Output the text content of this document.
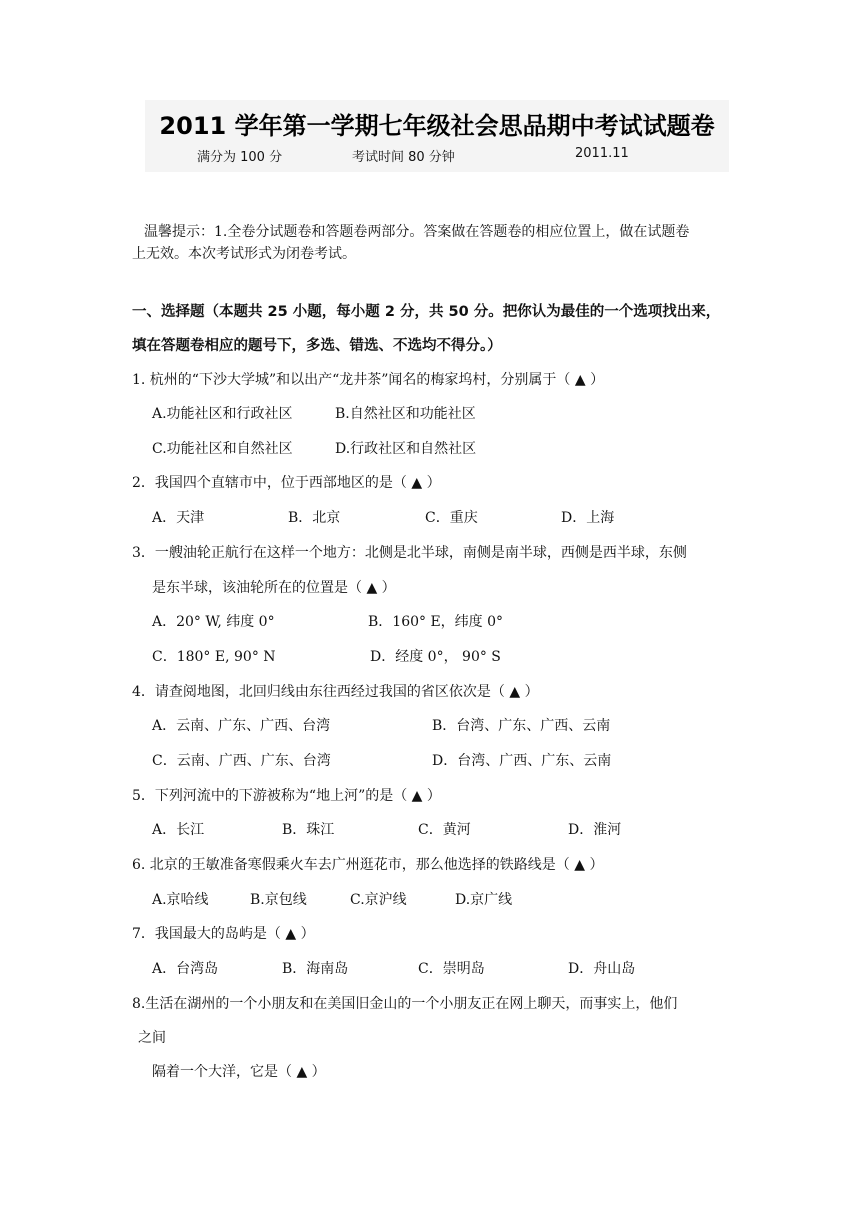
2011 学年第一学期七年级社会思品期中考试试题卷
满分为 100 分	考试时间 80 分钟	2011.11
温馨提示：1.全卷分试题卷和答题卷两部分。答案做在答题卷的相应位置上，做在试题卷
上无效。本次考试形式为闭卷考试。
一、选择题（本题共 25 小题，每小题 2 分，共 50 分。把你认为最佳的一个选项找出来，
填在答题卷相应的题号下，多选、错选、不选均不得分。）
1. 杭州的“下沙大学城”和以出产“龙井茶”闻名的梅家坞村，分别属于（ ▲ ）
A.功能社区和行政社区	B.自然社区和功能社区
C.功能社区和自然社区	D.行政社区和自然社区
2．我国四个直辖市中，位于西部地区的是（ ▲ ）
A．天津	B．北京	C．重庆	D．上海
3．一艘油轮正航行在这样一个地方：北侧是北半球，南侧是南半球，西侧是西半球，东侧
是东半球，该油轮所在的位置是（ ▲ ）
A．20° W, 纬度 0°	B．160° E，纬度 0°
C．180° E, 90° N	D．经度 0°， 90° S
4．请查阅地图，北回归线由东往西经过我国的省区依次是（ ▲ ）
A．云南、广东、广西、台湾	B．台湾、广东、广西、云南
C．云南、广西、广东、台湾	D．台湾、广西、广东、云南
5．下列河流中的下游被称为“地上河”的是（ ▲ ）
A．长江	B．珠江	C．黄河	D．淮河
6. 北京的王敏准备寒假乘火车去广州逛花市，那么他选择的铁路线是（ ▲ ）
A.京哈线	B.京包线	C.京沪线	D.京广线
7．我国最大的岛屿是（ ▲ ）
A．台湾岛	B．海南岛	C．崇明岛	D．舟山岛
8.生活在湖州的一个小朋友和在美国旧金山的一个小朋友正在网上聊天，而事实上，他们
之间
隔着一个大洋，它是（ ▲ ）
